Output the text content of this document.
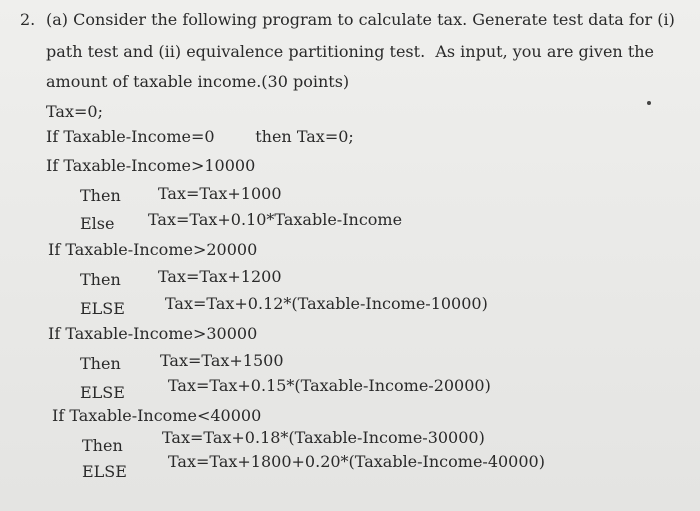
2. (a) Consider the following program to calculate tax. Generate test data for (i)
path test and (ii) equivalence partitioning test.  As input, you are given the
amount of taxable income.(30 points)
Tax=0;
If Taxable-Income=0        then Tax=0;
If Taxable-Income>10000
Then Tax=Tax+1000
Else Tax=Tax+0.10*Taxable-Income
If Taxable-Income>20000
Then Tax=Tax+1200
ELSE	Tax=Tax+0.12*(Taxable-Income-10000)
If Taxable-Income>30000
Then Tax=Tax+1500
ELSE	Tax=Tax+0.15*(Taxable-Income-20000)
If Taxable-Income<40000
Then Tax=Tax+0.18*(Taxable-Income-30000)
ELSE
Tax=Tax+1800+0.20*(Taxable-Income-40000)
